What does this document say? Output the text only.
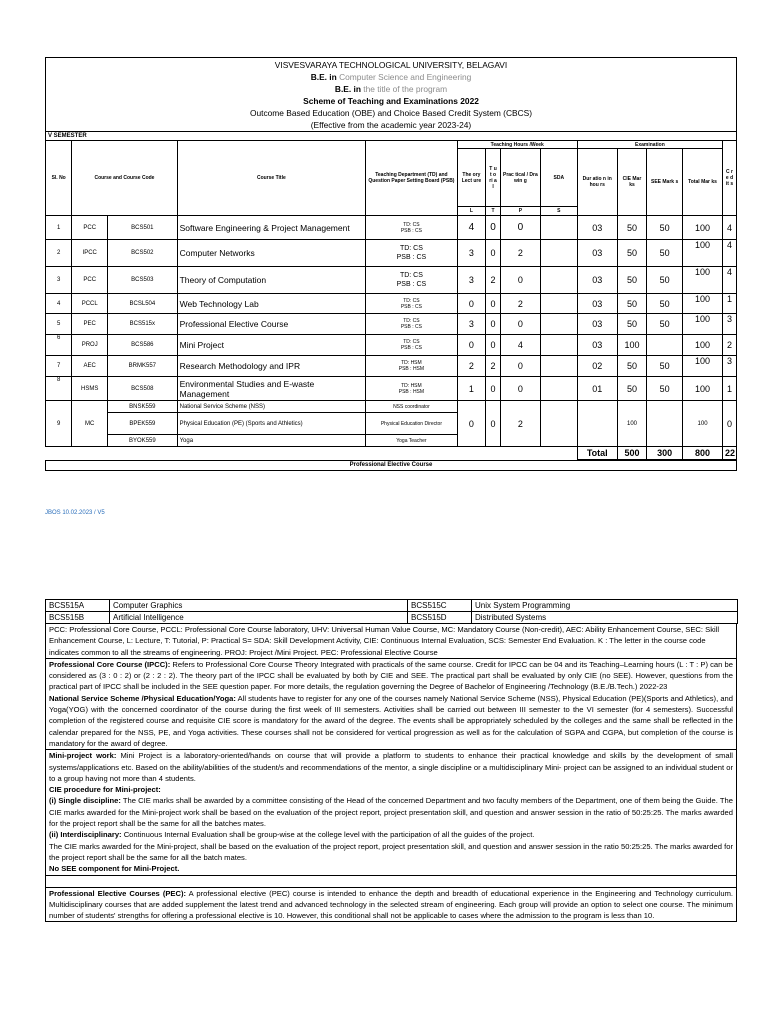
VISVESVARAYA TECHNOLOGICAL UNIVERSITY, BELAGAVI
B.E. in Computer Science and Engineering
B.E. in the title of the program
Scheme of Teaching and Examinations 2022
Outcome Based Education (OBE) and Choice Based Credit System (CBCS)
(Effective from the academic year 2023-24)
V SEMESTER													
Sl. No	Course and Course Code		Course Title	Teaching Department (TD) and Question Paper Setting Board (PSB)	Teaching Hours /Week				Examination				C r e d it s
					The ory Lect ure	T u t o ri a l	Prac tical / Dra win g	SDA	Dur atio n in hou rs	CIE Mar ks	SEE Mark s	Total Mar ks	
					L	T	P	S					
1	PCC	BCS501	Software Engineering & Project Management	TD: CS
PSB : CS	4	0	0		03	50	50	100	4
2	IPCC	BCS502	Computer Networks	TD: CS
PSB : CS	3	0	2		03	50	50	100	4
3	PCC	BCS503	Theory of Computation	TD: CS
PSB : CS	3	2	0		03	50	50	100	4
4	PCCL	BCSL504	Web Technology Lab	TD: CS
PSB : CS	0	0	2		03	50	50	100	1
5	PEC	BCS515x	Professional Elective Course	TD: CS
PSB : CS	3	0	0		03	50	50	100	3
6	PROJ	BCS586	Mini Project	TD: CS
PSB : CS	0	0	4		03	100		100	2
7	AEC	BRMK557	Research Methodology and IPR	TD: HSM
PSB : HSM	2	2	0		02	50	50	100	3
8	HSMS	BCS508	Environmental Studies and E-waste Management	TD: HSM
PSB : HSM	1	0	0		01	50	50	100	1
9	MC	BNSK559	National Service Scheme (NSS)	NSS coordinator	0	0	2			100		100	0
		BPEK559	Physical Education (PE) (Sports and Athletics)	Physical Education Director									
		BYOK559	Yoga	Yoga Teacher									
									Total	500	300	800	22
Professional Elective Course
JBOS 10.02.2023 / V5
BCS515A	Computer Graphics	BCS515C	Unix System Programming
BCS515B	Artificial Intelligence	BCS515D	Distributed Systems
PCC: Professional Core Course, PCCL: Professional Core Course laboratory, UHV: Universal Human Value Course, MC: Mandatory Course (Non-credit), AEC: Ability Enhancement Course, SEC: Skill Enhancement Course, L: Lecture, T: Tutorial, P: Practical S= SDA: Skill Development Activity, CIE: Continuous Internal Evaluation, SCS: Semester End Evaluation. K : The letter in the course code indicates common to all the streams of engineering. PROJ: Project /Mini Project. PEC: Professional Elective Course
Professional Core Course (IPCC): Refers to Professional Core Course Theory Integrated with practicals of the same course. Credit for IPCC can be 04 and its Teaching–Learning hours (L : T : P) can be considered as (3 : 0 : 2) or (2 : 2 : 2). The theory part of the IPCC shall be evaluated by both by CIE and SEE. The practical part shall be evaluated by only CIE (no SEE). However, questions from the practical part of IPCC shall be included in the SEE question paper. For more details, the regulation governing the Degree of Bachelor of Engineering /Technology (B.E./B.Tech.) 2022-23
National Service Scheme /Physical Education/Yoga: All students have to register for any one of the courses namely National Service Scheme (NSS), Physical Education (PE)(Sports and Athletics), and Yoga(YOG) with the concerned coordinator of the course during the first week of III semesters. Activities shall be carried out between III semester to the VI semester (for 4 semesters). Successful completion of the registered course and requisite CIE score is mandatory for the award of the degree. The events shall be appropriately scheduled by the colleges and the same shall be reflected in the calendar prepared for the NSS, PE, and Yoga activities. These courses shall not be considered for vertical progression as well as for the calculation of SGPA and CGPA, but completion of the course is mandatory for the award of degree.
Mini-project work: Mini Project is a laboratory-oriented/hands on course that will provide a platform to students to enhance their practical knowledge and skills by the development of small systems/applications etc. Based on the ability/abilities of the student/s and recommendations of the mentor, a single discipline or a multidisciplinary Mini- project can be assigned to an individual student or to a group having not more than 4 students.
CIE procedure for Mini-project:
(i) Single discipline: The CIE marks shall be awarded by a committee consisting of the Head of the concerned Department and two faculty members of the Department, one of them being the Guide. The CIE marks awarded for the Mini-project work shall be based on the evaluation of the project report, project presentation skill, and question and answer session in the ratio of 50:25:25. The marks awarded for the project report shall be the same for all the batches mates.
(ii) Interdisciplinary: Continuous Internal Evaluation shall be group-wise at the college level with the participation of all the guides of the project.
The CIE marks awarded for the Mini-project, shall be based on the evaluation of the project report, project presentation skill, and question and answer session in the ratio 50:25:25. The marks awarded for the project report shall be the same for all the batch mates.
No SEE component for Mini-Project.
Professional Elective Courses (PEC): A professional elective (PEC) course is intended to enhance the depth and breadth of educational experience in the Engineering and Technology curriculum. Multidisciplinary courses that are added supplement the latest trend and advanced technology in the selected stream of engineering. Each group will provide an option to select one course. The minimum number of students' strengths for offering a professional elective is 10. However, this conditional shall not be applicable to cases where the admission to the program is less than 10.
